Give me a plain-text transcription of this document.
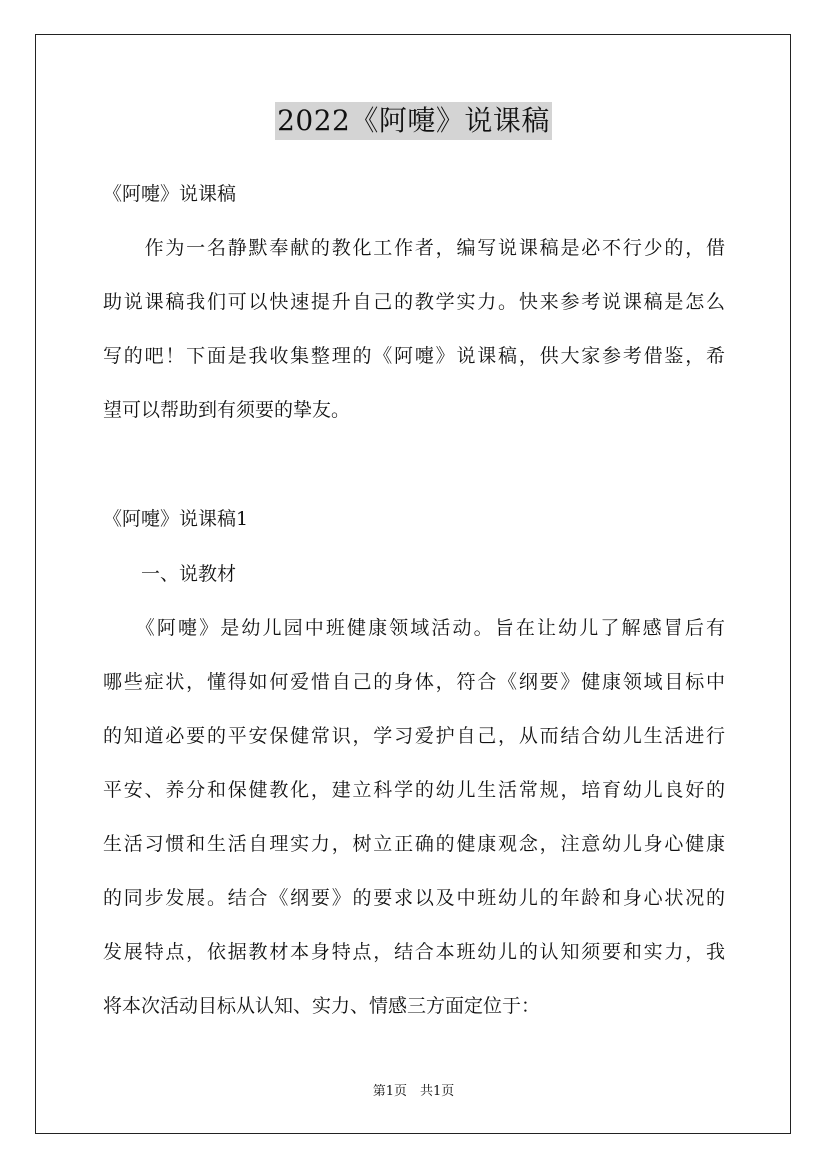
2022《阿嚏》说课稿
《阿嚏》说课稿
　　作为一名静默奉献的教化工作者，编写说课稿是必不行少的，借
助说课稿我们可以快速提升自己的教学实力。快来参考说课稿是怎么
写的吧！下面是我收集整理的《阿嚏》说课稿，供大家参考借鉴，希
望可以帮助到有须要的挚友。
《阿嚏》说课稿1
　　一、说教材
　　《阿嚏》是幼儿园中班健康领域活动。旨在让幼儿了解感冒后有
哪些症状，懂得如何爱惜自己的身体，符合《纲要》健康领域目标中
的知道必要的平安保健常识，学习爱护自己，从而结合幼儿生活进行
平安、养分和保健教化，建立科学的幼儿生活常规，培育幼儿良好的
生活习惯和生活自理实力，树立正确的健康观念，注意幼儿身心健康
的同步发展。结合《纲要》的要求以及中班幼儿的年龄和身心状况的
发展特点，依据教材本身特点，结合本班幼儿的认知须要和实力，我
将本次活动目标从认知、实力、情感三方面定位于：
第1页　共1页
